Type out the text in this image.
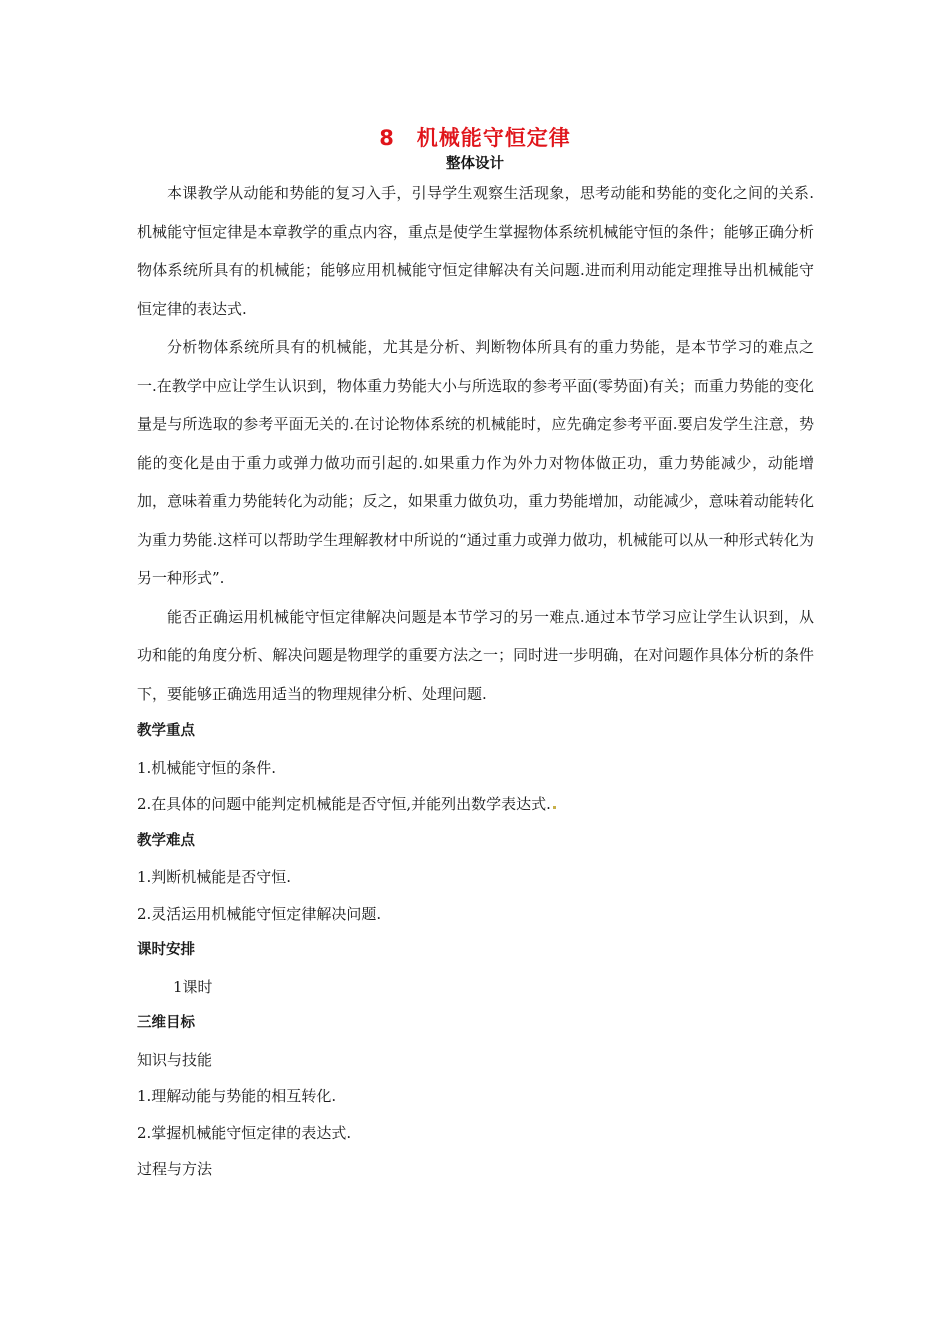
8　机械能守恒定律
整体设计

本课教学从动能和势能的复习入手，引导学生观察生活现象，思考动能和势能的变化之间的关系.机械能守恒定律是本章教学的重点内容，重点是使学生掌握物体系统机械能守恒的条件；能够正确分析物体系统所具有的机械能；能够应用机械能守恒定律解决有关问题.进而利用动能定理推导出机械能守恒定律的表达式.

分析物体系统所具有的机械能，尤其是分析、判断物体所具有的重力势能，是本节学习的难点之一.在教学中应让学生认识到，物体重力势能大小与所选取的参考平面(零势面)有关；而重力势能的变化量是与所选取的参考平面无关的.在讨论物体系统的机械能时，应先确定参考平面.要启发学生注意，势能的变化是由于重力或弹力做功而引起的.如果重力作为外力对物体做正功，重力势能减少，动能增加，意味着重力势能转化为动能；反之，如果重力做负功，重力势能增加，动能减少，意味着动能转化为重力势能.这样可以帮助学生理解教材中所说的“通过重力或弹力做功，机械能可以从一种形式转化为另一种形式”.

能否正确运用机械能守恒定律解决问题是本节学习的另一难点.通过本节学习应让学生认识到，从功和能的角度分析、解决问题是物理学的重要方法之一；同时进一步明确，在对问题作具体分析的条件下，要能够正确选用适当的物理规律分析、处理问题.

教学重点
1.机械能守恒的条件.
2.在具体的问题中能判定机械能是否守恒,并能列出数学表达式.
教学难点
1.判断机械能是否守恒.
2.灵活运用机械能守恒定律解决问题.
课时安排
1课时
三维目标
知识与技能
1.理解动能与势能的相互转化.
2.掌握机械能守恒定律的表达式.
过程与方法
